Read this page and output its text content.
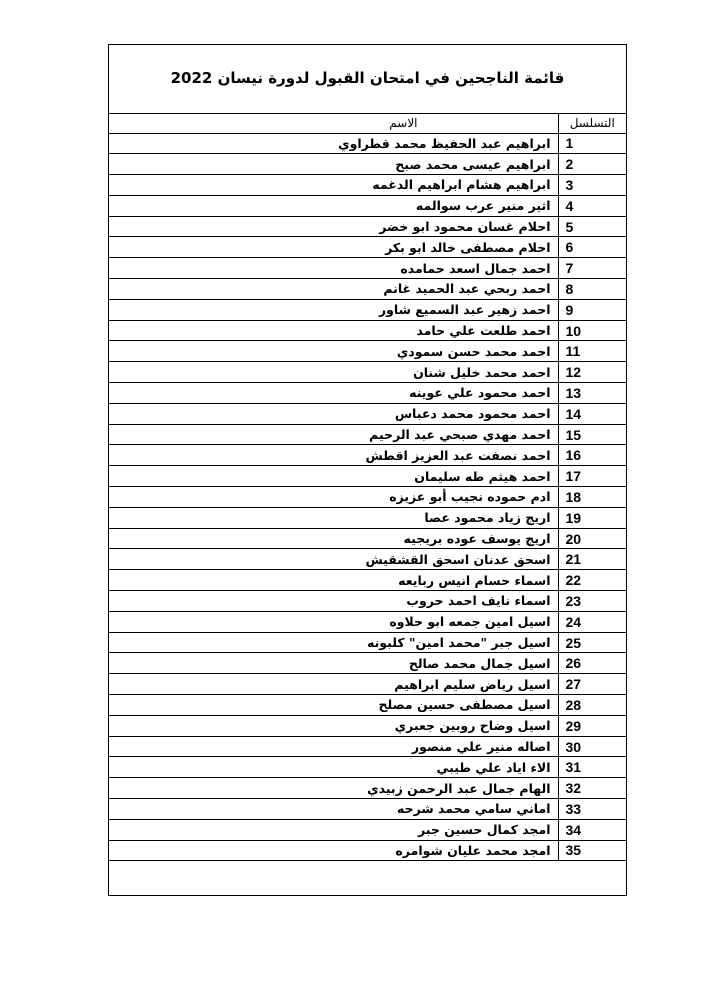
قائمة الناجحين في امتحان القبول لدورة نيسان 2022
التسلسل	الاسم
1	ابراهيم عبد الحفيظ محمد قطراوي
2	ابراهيم عيسى محمد صبح
3	ابراهيم هشام ابراهيم الدغمه
4	اثير منير عرب سوالمه
5	احلام غسان محمود ابو خضر
6	احلام مصطفى خالد ابو بكر
7	احمد جمال اسعد حمامده
8	احمد ربحي عبد الحميد غانم
9	احمد زهير عبد السميع شاور
10	احمد طلعت علي حامد
11	احمد محمد حسن سمودي
12	احمد محمد خليل شنان
13	احمد محمود علي عوينه
14	احمد محمود محمد دعباس
15	احمد مهدي صبحي عبد الرحيم
16	احمد نصفت عبد العزيز اقطش
17	احمد هيثم طه سليمان
18	ادم حموده نجيب أبو عزيزه
19	اريج زياد محمود عصا
20	اريج يوسف عوده بريجيه
21	اسحق عدنان اسحق القشقيش
22	اسماء حسام انيس ربايعه
23	اسماء نايف احمد حروب
24	اسيل امين جمعه ابو حلاوه
25	اسيل جبر "محمد امين" كلبونه
26	اسيل جمال محمد صالح
27	اسيل رياض سليم ابراهيم
28	اسيل مصطفى حسين مصلح
29	اسيل وضاح روبين جعبري
30	اصاله منير علي منصور
31	الاء اياد علي طيبي
32	الهام جمال عبد الرحمن زبيدي
33	اماني سامي محمد شرحه
34	امجد كمال حسين جبر
35	امجد محمد عليان شوامره
